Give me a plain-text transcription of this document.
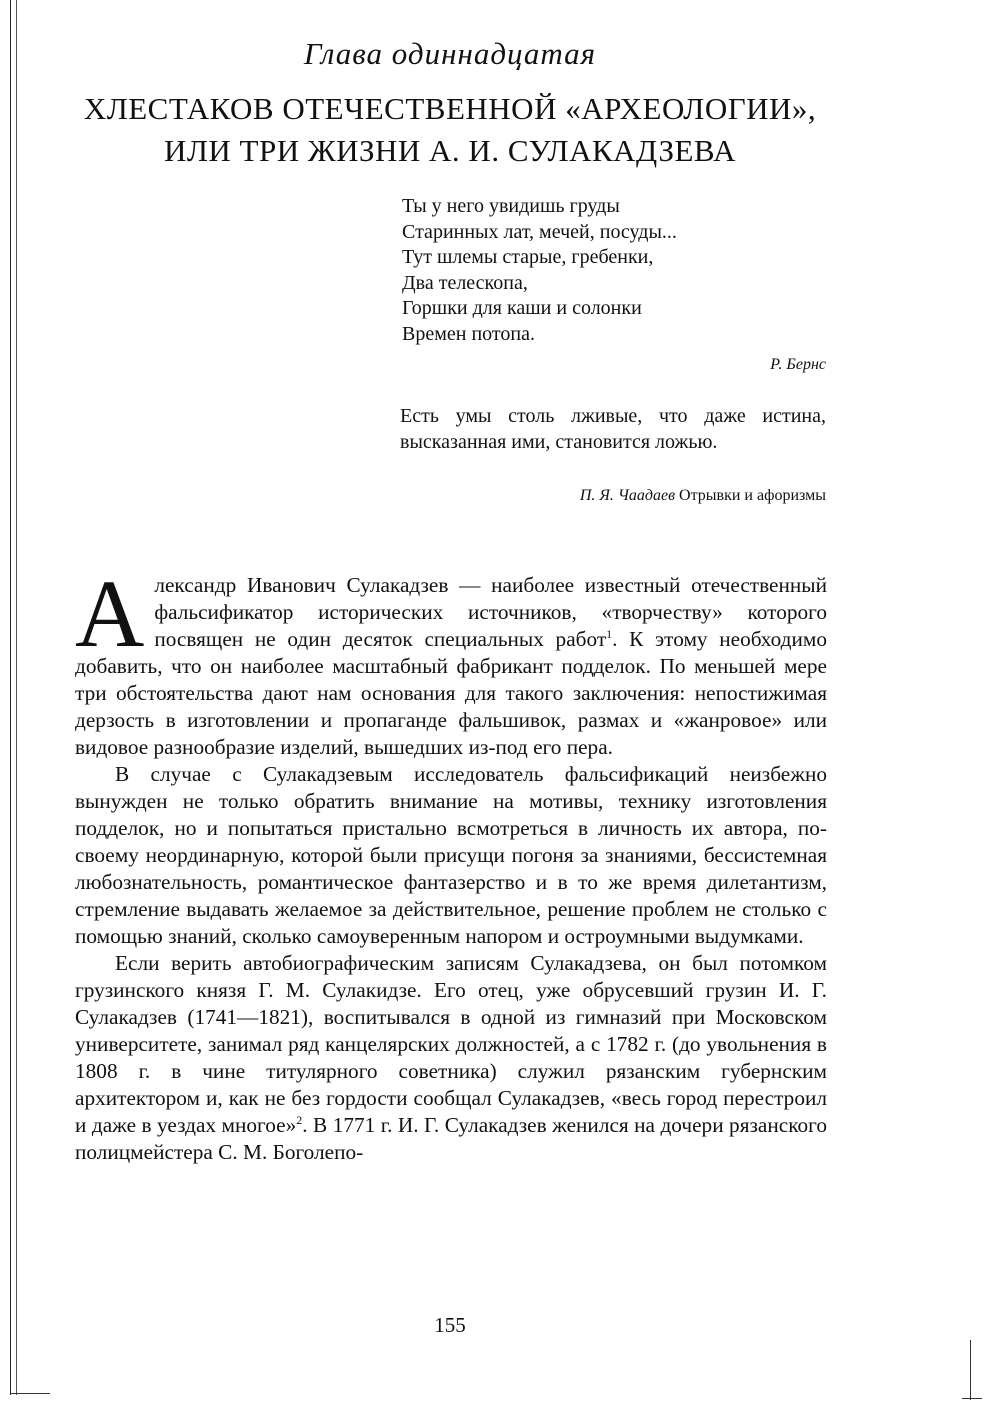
Глава одиннадцатая
ХЛЕСТАКОВ ОТЕЧЕСТВЕННОЙ «АРХЕОЛОГИИ»,
ИЛИ ТРИ ЖИЗНИ А. И. СУЛАКАДЗЕВА
Ты у него увидишь груды
Старинных лат, мечей, посуды...
Тут шлемы старые, гребенки,
Два телескопа,
Горшки для каши и солонки
Времен потопа.
Р. Бернс
Есть умы столь лживые, что даже истина, высказанная ими, становится ложью.
П. Я. Чаадаев Отрывки и афоризмы

Александр Иванович Сулакадзев — наиболее известный отечественный фальсификатор исторических источников, «творчеству» которого посвящен не один десяток специальных работ$^1$. К этому необходимо добавить, что он наиболее масштабный фабрикант подделок. По меньшей мере три обстоятельства дают нам основания для такого заключения: непостижимая дерзость в изготовлении и пропаганде фальшивок, размах и «жанровое» или видовое разнообразие изделий, вышедших из-под его пера.

В случае с Сулакадзевым исследователь фальсификаций неизбежно вынужден не только обратить внимание на мотивы, технику изготовления подделок, но и попытаться пристально всмотреться в личность их автора, по-своему неординарную, которой были присущи погоня за знаниями, бессистемная любознательность, романтическое фантазерство и в то же время дилетантизм, стремление выдавать желаемое за действительное, решение проблем не столько с помощью знаний, сколько самоуверенным напором и остроумными выдумками.

Если верить автобиографическим записям Сулакадзева, он был потомком грузинского князя Г. М. Сулакидзе. Его отец, уже обрусевший грузин И. Г. Сулакадзев (1741—1821), воспитывался в одной из гимназий при Московском университете, занимал ряд канцелярских должностей, а с 1782 г. (до увольнения в 1808 г. в чине титулярного советника) служил рязанским губернским архитектором и, как не без гордости сообщал Сулакадзев, «весь город перестроил и даже в уездах многое»$^2$. В 1771 г. И. Г. Сулакадзев женился на дочери рязанского полицмейстера С. М. Боголепо-

155
